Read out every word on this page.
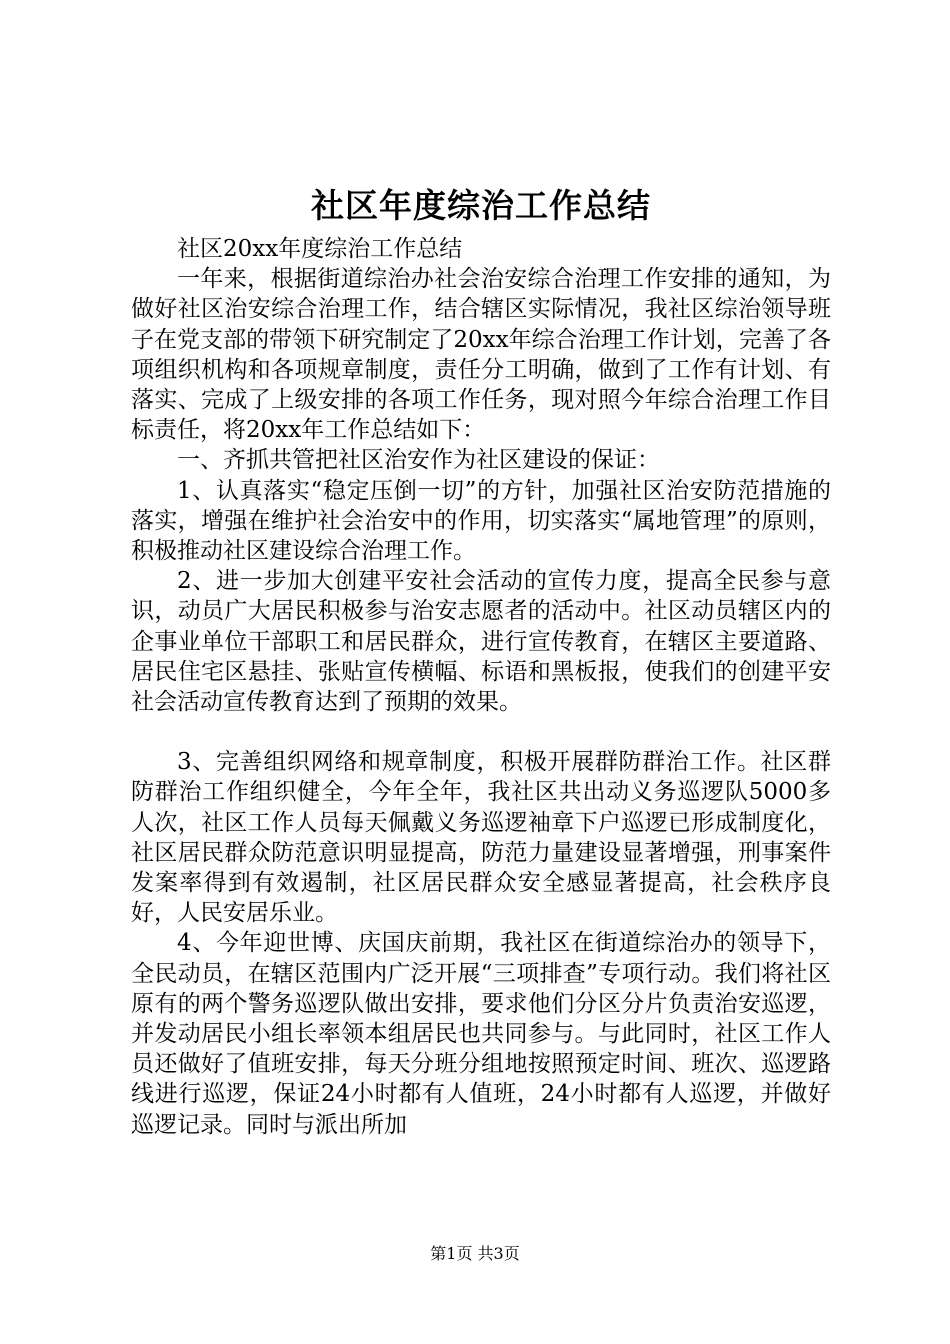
社区年度综治工作总结

社区20xx年度综治工作总结

一年来，根据街道综治办社会治安综合治理工作安排的通知，为做好社区治安综合治理工作，结合辖区实际情况，我社区综治领导班子在党支部的带领下研究制定了20xx年综合治理工作计划，完善了各项组织机构和各项规章制度，责任分工明确，做到了工作有计划、有落实、完成了上级安排的各项工作任务，现对照今年综合治理工作目标责任，将20xx年工作总结如下：

一、齐抓共管把社区治安作为社区建设的保证：

1、认真落实“稳定压倒一切”的方针，加强社区治安防范措施的落实，增强在维护社会治安中的作用，切实落实“属地管理”的原则，积极推动社区建设综合治理工作。

2、进一步加大创建平安社会活动的宣传力度，提高全民参与意识，动员广大居民积极参与治安志愿者的活动中。社区动员辖区内的企事业单位干部职工和居民群众，进行宣传教育，在辖区主要道路、居民住宅区悬挂、张贴宣传横幅、标语和黑板报，使我们的创建平安社会活动宣传教育达到了预期的效果。

3、完善组织网络和规章制度，积极开展群防群治工作。社区群防群治工作组织健全，今年全年，我社区共出动义务巡逻队5000多人次，社区工作人员每天佩戴义务巡逻袖章下户巡逻已形成制度化，社区居民群众防范意识明显提高，防范力量建设显著增强，刑事案件发案率得到有效遏制，社区居民群众安全感显著提高，社会秩序良好，人民安居乐业。

4、今年迎世博、庆国庆前期，我社区在街道综治办的领导下，全民动员，在辖区范围内广泛开展“三项排查”专项行动。我们将社区原有的两个警务巡逻队做出安排，要求他们分区分片负责治安巡逻，并发动居民小组长率领本组居民也共同参与。与此同时，社区工作人员还做好了值班安排，每天分班分组地按照预定时间、班次、巡逻路线进行巡逻，保证24小时都有人值班，24小时都有人巡逻，并做好巡逻记录。同时与派出所加

第1页 共3页
